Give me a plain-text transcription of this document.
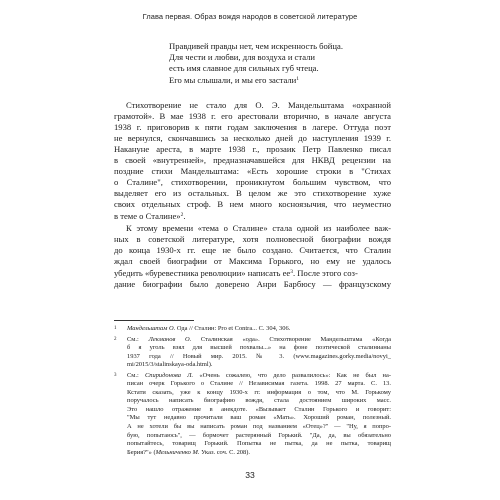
Глава первая. Образ вождя народов в советской литературе
Правдивей правды нет, чем искренность бойца.
Для чести и любви, для воздуха и стали
есть имя славное для сильных губ чтеца.
Его мы слышали, и мы его застали$^1$

Стихотворение не стало для О. Э. Мандельштама «охранной
грамотой». В мае 1938 г. его арестовали вторично, в начале августа
1938 г. приговорив к пяти годам заключения в лагере. Оттуда поэт
не вернулся, скончавшись за несколько дней до наступления 1939 г.
Накануне ареста, в марте 1938 г., прозаик Петр Павленко писал
в своей «внутренней», предназначавшейся для НКВД рецензии на
поздние стихи Мандельштама: «Есть хорошие строки в "Стихах
о Сталине", стихотворении, проникнутом большим чувством, что
выделяет его из остальных. В целом же это стихотворение хуже
своих отдельных строф. В нем много косноязычия, что неуместно
в теме о Сталине»$^2$.

К этому времени «тема о Сталине» стала одной из наиболее важ-
ных в советской литературе, хотя полновесной биографии вождя
до конца 1930-х гг. еще не было создано. Считается, что Сталин
ждал своей биографии от Максима Горького, но ему не удалось
убедить «буревестника революции» написать $ее^3$. После этого соз-
дание биографии было доверено Анри Барбюсу — французскому

1 Мандельштам О. Ода // Сталин: Pro et Contra... С. 304, 306.
2 См.: Лекманов О. Сталинская «ода». Стихотворение Мандельштама «Когда
б я уголь взял для высшей похвалы...» на фоне поэтической сталинианы
1937 года // Новый мир. 2015. № 3. (www.magazines.gorky.media/novyi_
mi/2015/3/stalinskaya-oda.html).
3 См.: Спиридонова Л. «Очень сожалею, что дело развалилось»: Как не был на-
писан очерк Горького о Сталине // Независимая газета. 1998. 27 марта. С. 13.
Кстати сказать, уже к концу 1930-х гг. информация о том, что М. Горькому
поручалось написать биографию вождя, стала достоянием широких масс.
Это нашло отражение в анекдоте. «Вызывает Сталин Горького и говорит:
"Мы тут недавно прочитали ваш роман «Мать». Хороший роман, полезный.
А не хотели бы вы написать роман под названием «Отец»?" — "Ну, я попро-
бую, попытаюсь", — бормочет растерянный Горький. "Да, да, вы обязательно
попытайтесь, товарищ Горький. Попытка не пытка, да не пытка, товарищ
Берия?"» (Мельниченко М. Указ. соч. С. 208).
33
